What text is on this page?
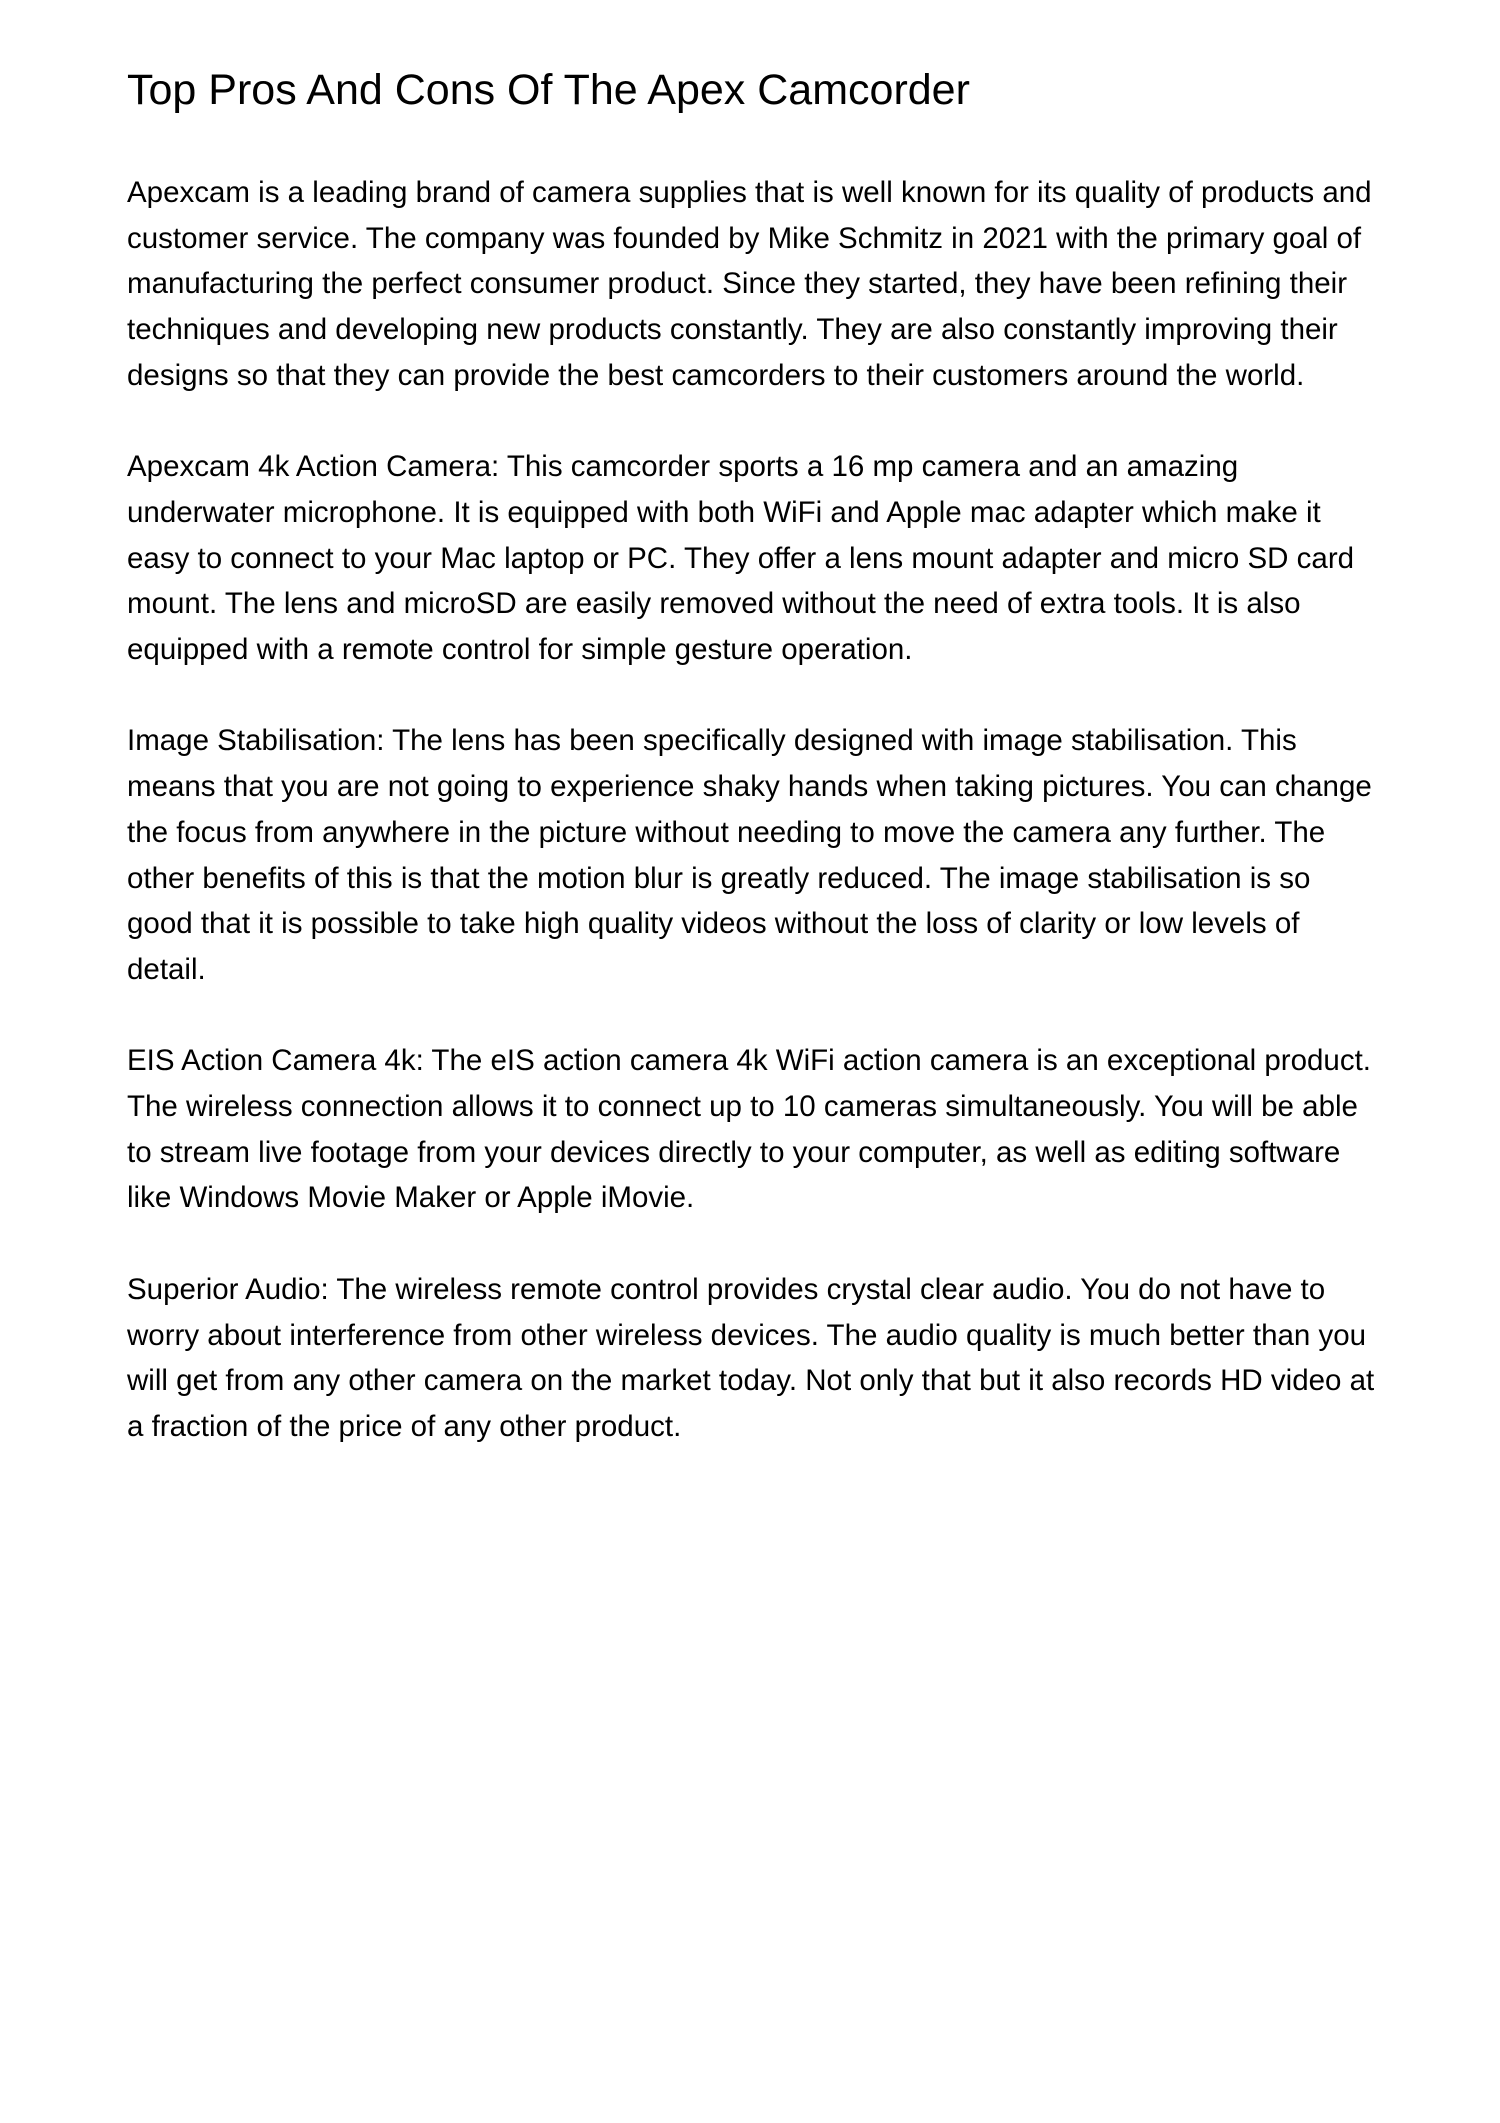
Top Pros And Cons Of The Apex Camcorder

Apexcam is a leading brand of camera supplies that is well known for its quality of products and customer service. The company was founded by Mike Schmitz in 2021 with the primary goal of manufacturing the perfect consumer product. Since they started, they have been refining their techniques and developing new products constantly. They are also constantly improving their designs so that they can provide the best camcorders to their customers around the world.

Apexcam 4k Action Camera: This camcorder sports a 16 mp camera and an amazing underwater microphone. It is equipped with both WiFi and Apple mac adapter which make it easy to connect to your Mac laptop or PC. They offer a lens mount adapter and micro SD card mount. The lens and microSD are easily removed without the need of extra tools. It is also equipped with a remote control for simple gesture operation.

Image Stabilisation: The lens has been specifically designed with image stabilisation. This means that you are not going to experience shaky hands when taking pictures. You can change the focus from anywhere in the picture without needing to move the camera any further. The other benefits of this is that the motion blur is greatly reduced. The image stabilisation is so good that it is possible to take high quality videos without the loss of clarity or low levels of detail.

EIS Action Camera 4k: The eIS action camera 4k WiFi action camera is an exceptional product. The wireless connection allows it to connect up to 10 cameras simultaneously. You will be able to stream live footage from your devices directly to your computer, as well as editing software like Windows Movie Maker or Apple iMovie.

Superior Audio: The wireless remote control provides crystal clear audio. You do not have to worry about interference from other wireless devices. The audio quality is much better than you will get from any other camera on the market today. Not only that but it also records HD video at a fraction of the price of any other product.
